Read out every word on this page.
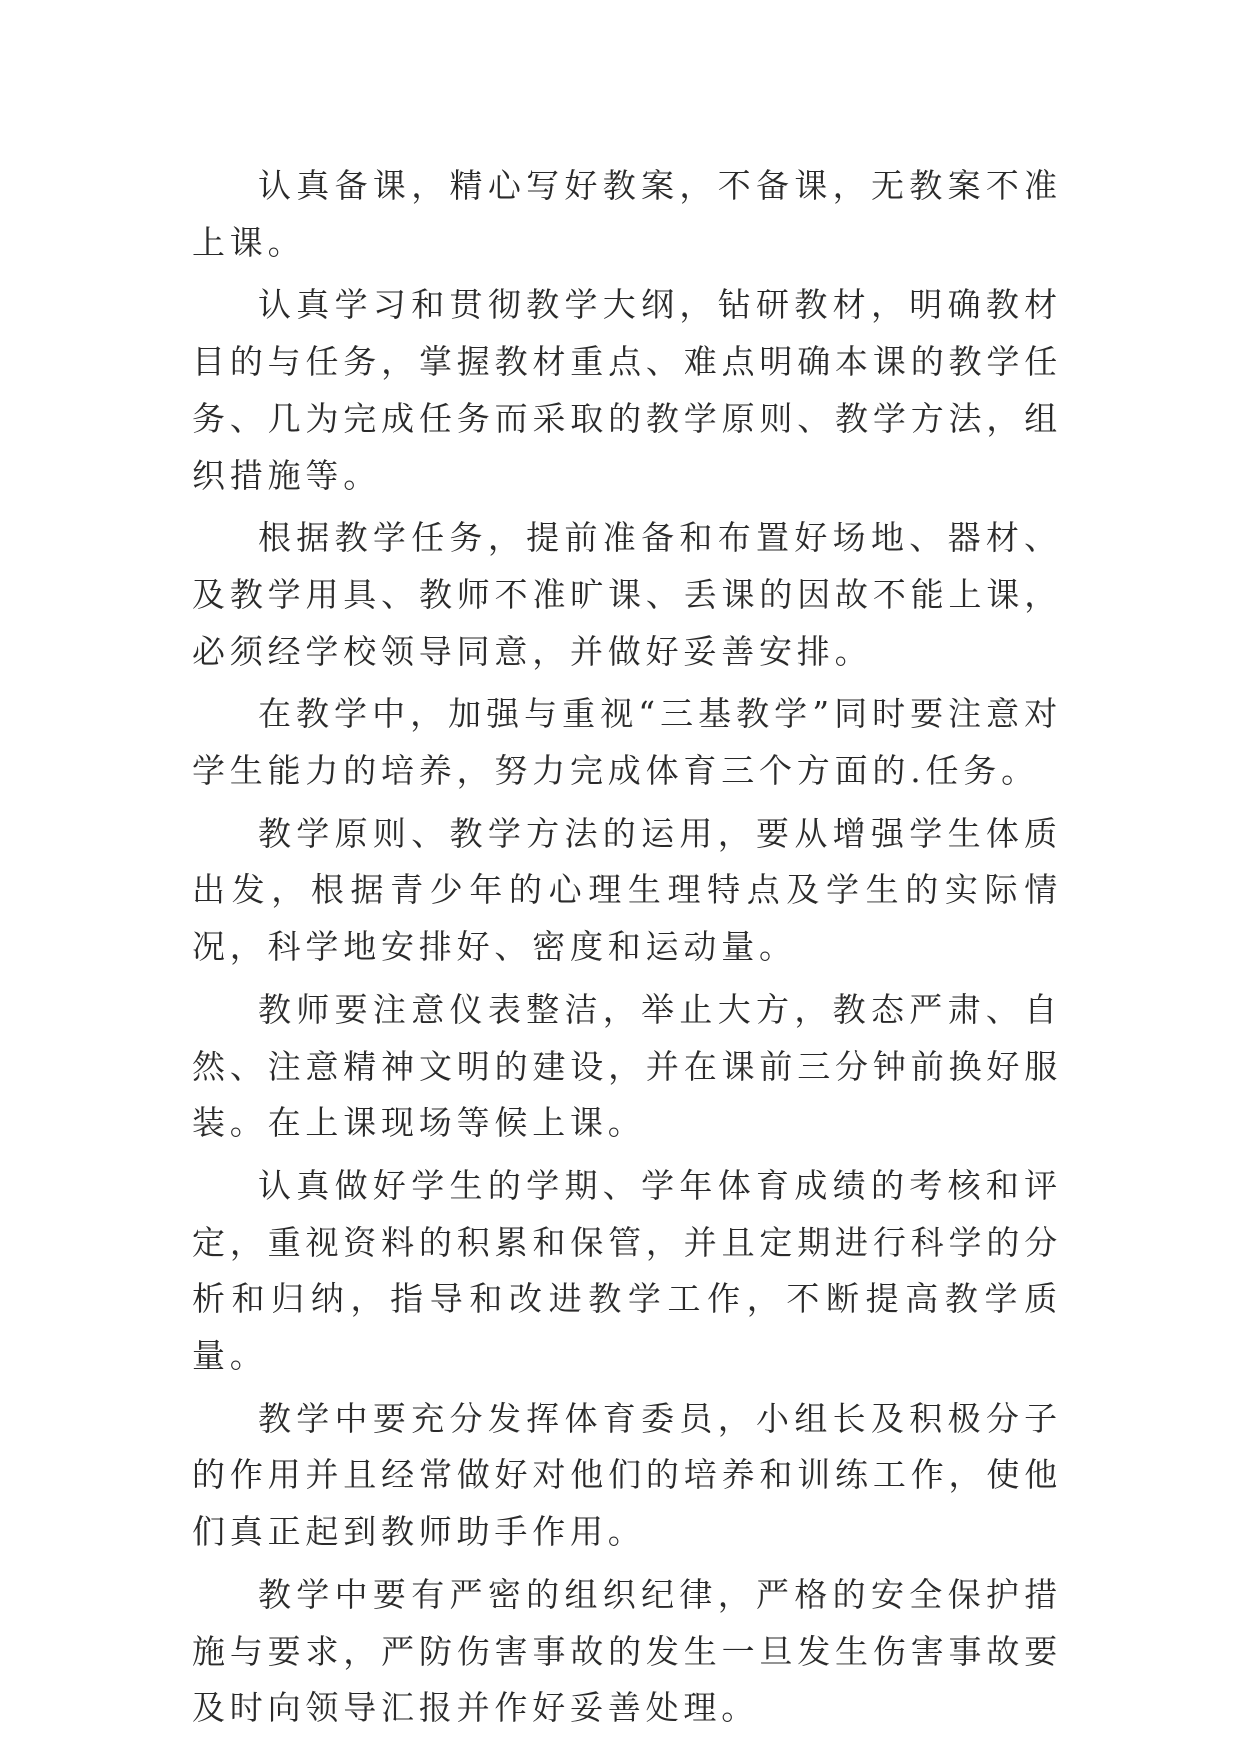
认真备课，精心写好教案，不备课，无教案不准上课。

认真学习和贯彻教学大纲，钻研教材，明确教材目的与任务，掌握教材重点、难点明确本课的教学任务、几为完成任务而采取的教学原则、教学方法，组织措施等。

根据教学任务，提前准备和布置好场地、器材、及教学用具、教师不准旷课、丢课的因故不能上课，必须经学校领导同意，并做好妥善安排。

在教学中，加强与重视“三基教学”同时要注意对学生能力的培养，努力完成体育三个方面的.任务。

教学原则、教学方法的运用，要从增强学生体质出发，根据青少年的心理生理特点及学生的实际情况，科学地安排好、密度和运动量。

教师要注意仪表整洁，举止大方，教态严肃、自然、注意精神文明的建设，并在课前三分钟前换好服装。在上课现场等候上课。

认真做好学生的学期、学年体育成绩的考核和评定，重视资料的积累和保管，并且定期进行科学的分析和归纳，指导和改进教学工作，不断提高教学质量。

教学中要充分发挥体育委员，小组长及积极分子的作用并且经常做好对他们的培养和训练工作，使他们真正起到教师助手作用。

教学中要有严密的组织纪律，严格的安全保护措施与要求，严防伤害事故的发生一旦发生伤害事故要及时向领导汇报并作好妥善处理。
